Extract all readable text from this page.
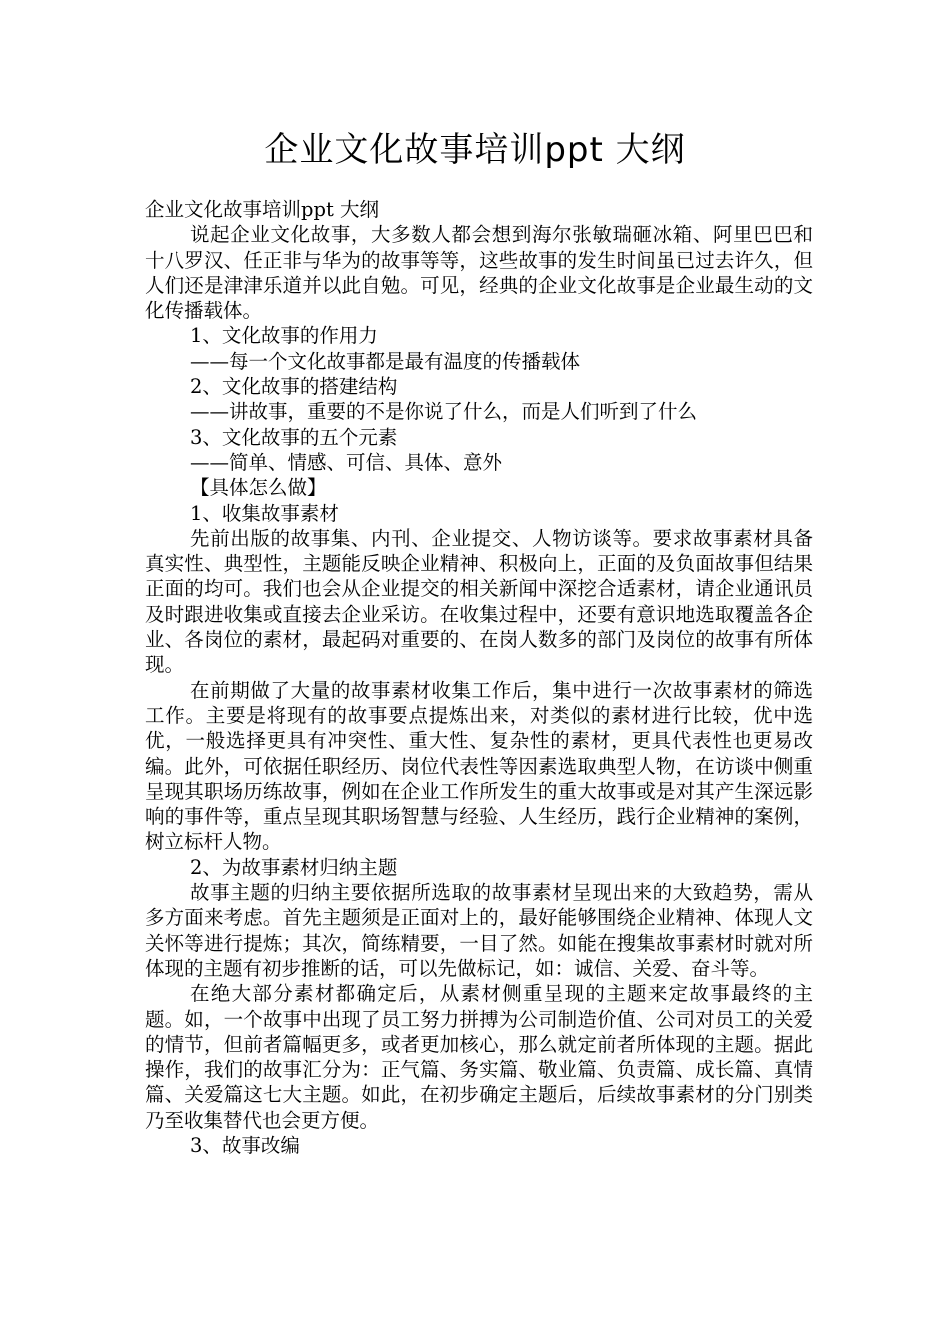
企业文化故事培训ppt 大纲

企业文化故事培训ppt 大纲

说起企业文化故事，大多数人都会想到海尔张敏瑞砸冰箱、阿里巴巴和十八罗汉、任正非与华为的故事等等，这些故事的发生时间虽已过去许久，但人们还是津津乐道并以此自勉。可见，经典的企业文化故事是企业最生动的文化传播载体。

1、文化故事的作用力

——每一个文化故事都是最有温度的传播载体

2、文化故事的搭建结构

——讲故事，重要的不是你说了什么，而是人们听到了什么

3、文化故事的五个元素

——简单、情感、可信、具体、意外

【具体怎么做】

1、收集故事素材

先前出版的故事集、内刊、企业提交、人物访谈等。要求故事素材具备真实性、典型性，主题能反映企业精神、积极向上，正面的及负面故事但结果正面的均可。我们也会从企业提交的相关新闻中深挖合适素材，请企业通讯员及时跟进收集或直接去企业采访。在收集过程中，还要有意识地选取覆盖各企业、各岗位的素材，最起码对重要的、在岗人数多的部门及岗位的故事有所体现。

在前期做了大量的故事素材收集工作后，集中进行一次故事素材的筛选工作。主要是将现有的故事要点提炼出来，对类似的素材进行比较，优中选优，一般选择更具有冲突性、重大性、复杂性的素材，更具代表性也更易改编。此外，可依据任职经历、岗位代表性等因素选取典型人物，在访谈中侧重呈现其职场历练故事，例如在企业工作所发生的重大故事或是对其产生深远影响的事件等，重点呈现其职场智慧与经验、人生经历，践行企业精神的案例，树立标杆人物。

2、为故事素材归纳主题

故事主题的归纳主要依据所选取的故事素材呈现出来的大致趋势，需从多方面来考虑。首先主题须是正面对上的，最好能够围绕企业精神、体现人文关怀等进行提炼；其次，简练精要，一目了然。如能在搜集故事素材时就对所体现的主题有初步推断的话，可以先做标记，如：诚信、关爱、奋斗等。

在绝大部分素材都确定后，从素材侧重呈现的主题来定故事最终的主题。如，一个故事中出现了员工努力拼搏为公司制造价值、公司对员工的关爱的情节，但前者篇幅更多，或者更加核心，那么就定前者所体现的主题。据此操作，我们的故事汇分为：正气篇、务实篇、敬业篇、负责篇、成长篇、真情篇、关爱篇这七大主题。如此，在初步确定主题后，后续故事素材的分门别类乃至收集替代也会更方便。

3、故事改编
